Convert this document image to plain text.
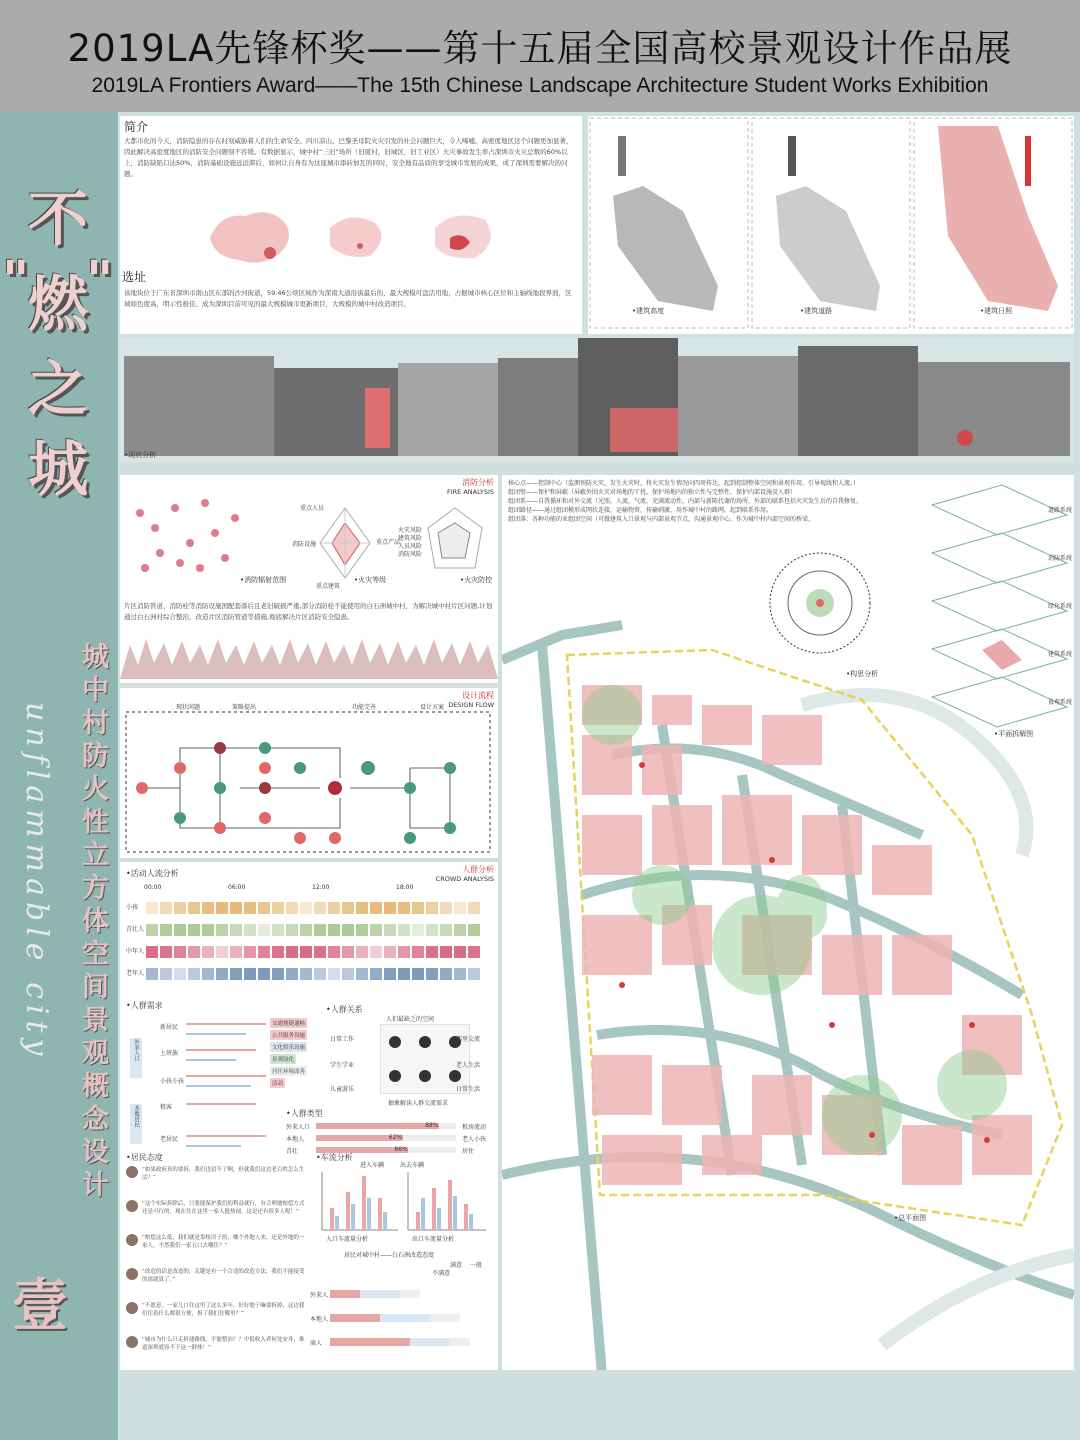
2019LA先锋杯奖——第十五届全国高校景观设计作品展
2019LA Frontiers Award——The 15th Chinese Landscape Architecture Student Works Exhibition
不
"
燃
"
之
城
unflammable city 城中村防火性立方体空间景观概念设计
壹
简介
大都市化的今天，消防隐患的存在时刻威胁着人们的生命安全。四川凉山、巴黎圣母院火灾引发的社会问题巨大，令人唏嘘。高密度地区这个问题更加显著，因此解决高密度地区的消防安全问题刻不容缓。有数据显示，城中村“三旧”场所（旧厦村，旧城区，旧工业区）火灾事故发生率占深圳市火灾总数的60%以上，消防缺陷口达50%，消防基础设施远远滞后，如何让自身有为这座城市添砖加瓦的同时，安全地有品质的享受城市发展的成果，成了深圳需要解决的问题。
选址
该地块位于广东省深圳市南山区东部的沙河街道，59.46公顷区域作为深南大道沿街最后的，最大规模可盘活用地，占据城市核心区位和主轴线地段界面，区域如色度高，明示性极佳。成为深圳目前可见的最大规模城市更新项目，大规模的城中村改造项目。
•建筑高度	•建筑道路	•建筑日照
•现状分析
消防分析
FIRE ANALYSIS
•消防辐射范围	•火灾等级	•火灾防控
重点人员
重点产品
重点建筑
消防设施
火灾风险
建筑风险
人员风险
消防风险
片区消防管道、消防栓等消防设施国配套落后且老旧破损严重,部分消防栓不能使用的白石洲城中村，为解决城中村片区问题,计划通过白石洲村综合整治，改造片区消防管道等措施,彻底解决片区消防安全隐患。
设计流程
DESIGN FLOW
现状问题	策略提出	功能完善	设计方案
人群分析
CROWD ANALYSIS
•活动人流分析
00:00	06:00	12:00	18:00
小孩
青壮人
中年人
老年人
•人群需求
外来人口
本地居民
新居民
上班族
小孩小孩
租客
老居民
交通便捷通畅
公共服务设施
文化娱乐设施
景观绿化
居住环境改善
活动
•人群关系
人们最缺乏的空间
日常工作
学生学业
儿童游乐
邻里交流
老人生活
日常生活
抽象解读人群交流需求
•人群类型
外来人口	88%	租房流动
本地人	62%	老人小孩
青壮	66%	居住
•居民态度
“如果政府真的要拆，我们也留不了啊，但就我们这边老百姓怎么生活？”
“这个实际拆除后，只要能保护我们的利益就行，有合理地赔偿方式还是可行的，现在住在这里一家人挺热闹，这是还有很多人呢！”
“赔偿这么低，我们就是靠租房子的，哪个外地人来，还是外地的一家人，不然我们一家五口去哪住？”
“改造的话是改造的，关键是有一个合适的改造方法，我们不能接受的那就算了。”
“不愿意，一家几口住这里了这么多年，好好地干嘛要拆掉，这边我们住着什么都很方便，拆了我们住哪里？”
“城市为什么只走拆建路线，不能整治？？中低收入者何处安身，难道深圳就容不下这一群体！”
•车流分析
进入车辆	出去车辆
入口车流量分析	出口车流量分析
居民对城中村——白石洲改造态度
满意 一般
不满意
外来人
本地人
商人
核心点——控制中心（监测预防火灾，发生火灾时，将火灾发生情况向四周传达，起到控制整体空间和景观作用，引导视线和人流。）
组团壁——保护和屏蔽（屏蔽外围火灾对场地的干扰，保护场地内的独立性与完整性，保护内部设施及人群）
组团系——自我循环和对外交流（光照，人流，气流，充满流动性，内部与新陈代谢的场所，外部的联系包括火灾发生后的自我修复。
组团路径——通过组团模形成网状连接，运输物资，传输刺激，用作城中村的路网，起到联系作用。
组团落：各种功能的亚组团空间（可做建筑入口景观与内部景观节点，沟通景观中心，作为城中村内部空间的桥梁。
•构思分析
•平面拆解图
•总平面图
道路系统
消防系统
绿化系统
建筑系统
景观系统
